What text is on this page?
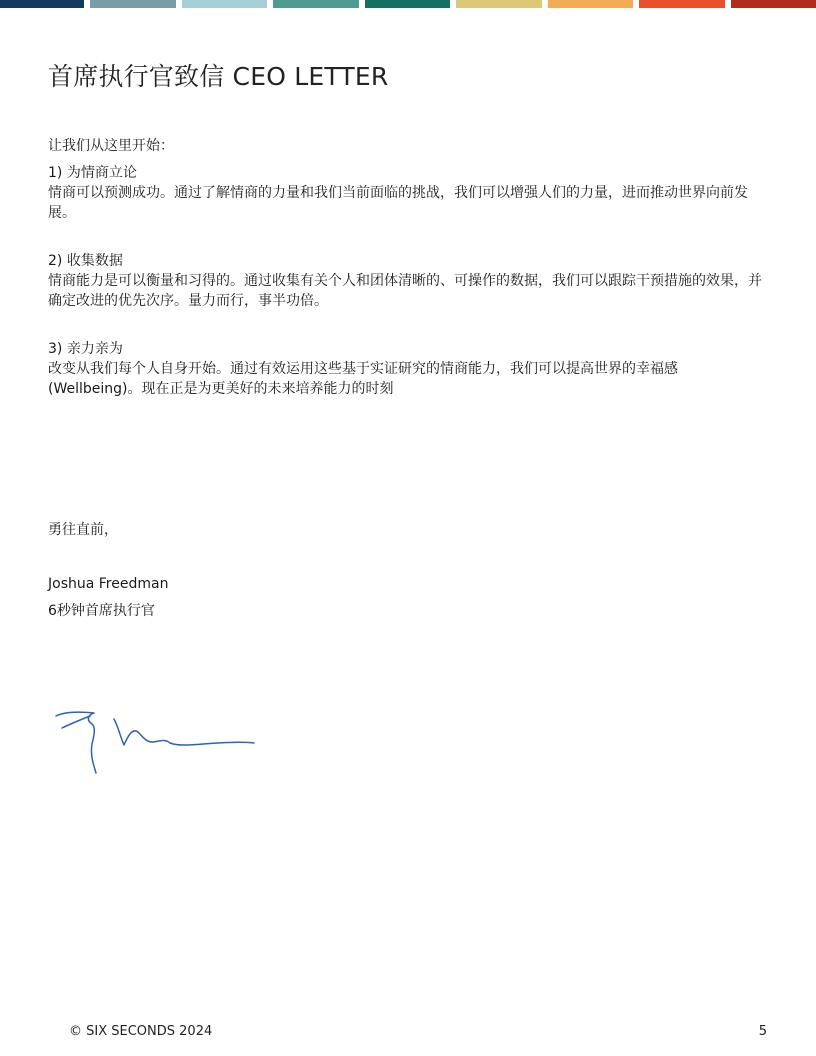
首席执行官致信 CEO LETTER

让我们从这里开始：

1) 为情商立论

情商可以预测成功。通过了解情商的力量和我们当前面临的挑战，我们可以增强人们的力量，进而推动世界向前发展。

2) 收集数据

情商能力是可以衡量和习得的。通过收集有关个人和团体清晰的、可操作的数据，我们可以跟踪干预措施的效果，并确定改进的优先次序。量力而行，事半功倍。

3) 亲力亲为

改变从我们每个人自身开始。通过有效运用这些基于实证研究的情商能力，我们可以提高世界的幸福感 (Wellbeing)。现在正是为更美好的未来培养能力的时刻

勇往直前，

Joshua Freedman

6秒钟首席执行官

© SIX SECONDS 2024	5
